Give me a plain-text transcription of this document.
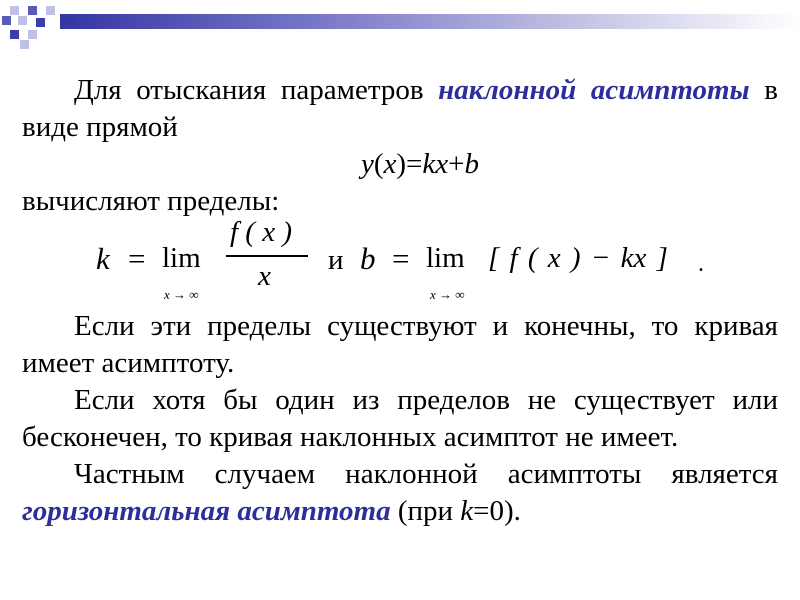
Для отыскания параметров наклонной асимптоты в виде прямой

y(x)=kx+b

вычисляют пределы:

k = lim
x → ∞
f ( x )
x и b = lim
x → ∞
[ f ( x ) − kx ] .

Если эти пределы существуют и конечны, то кривая имеет асимптоту.

Если хотя бы один из пределов не существует или бесконечен, то кривая наклонных асимптот не имеет.

Частным случаем наклонной асимптоты является горизонтальная асимптота (при k=0).
